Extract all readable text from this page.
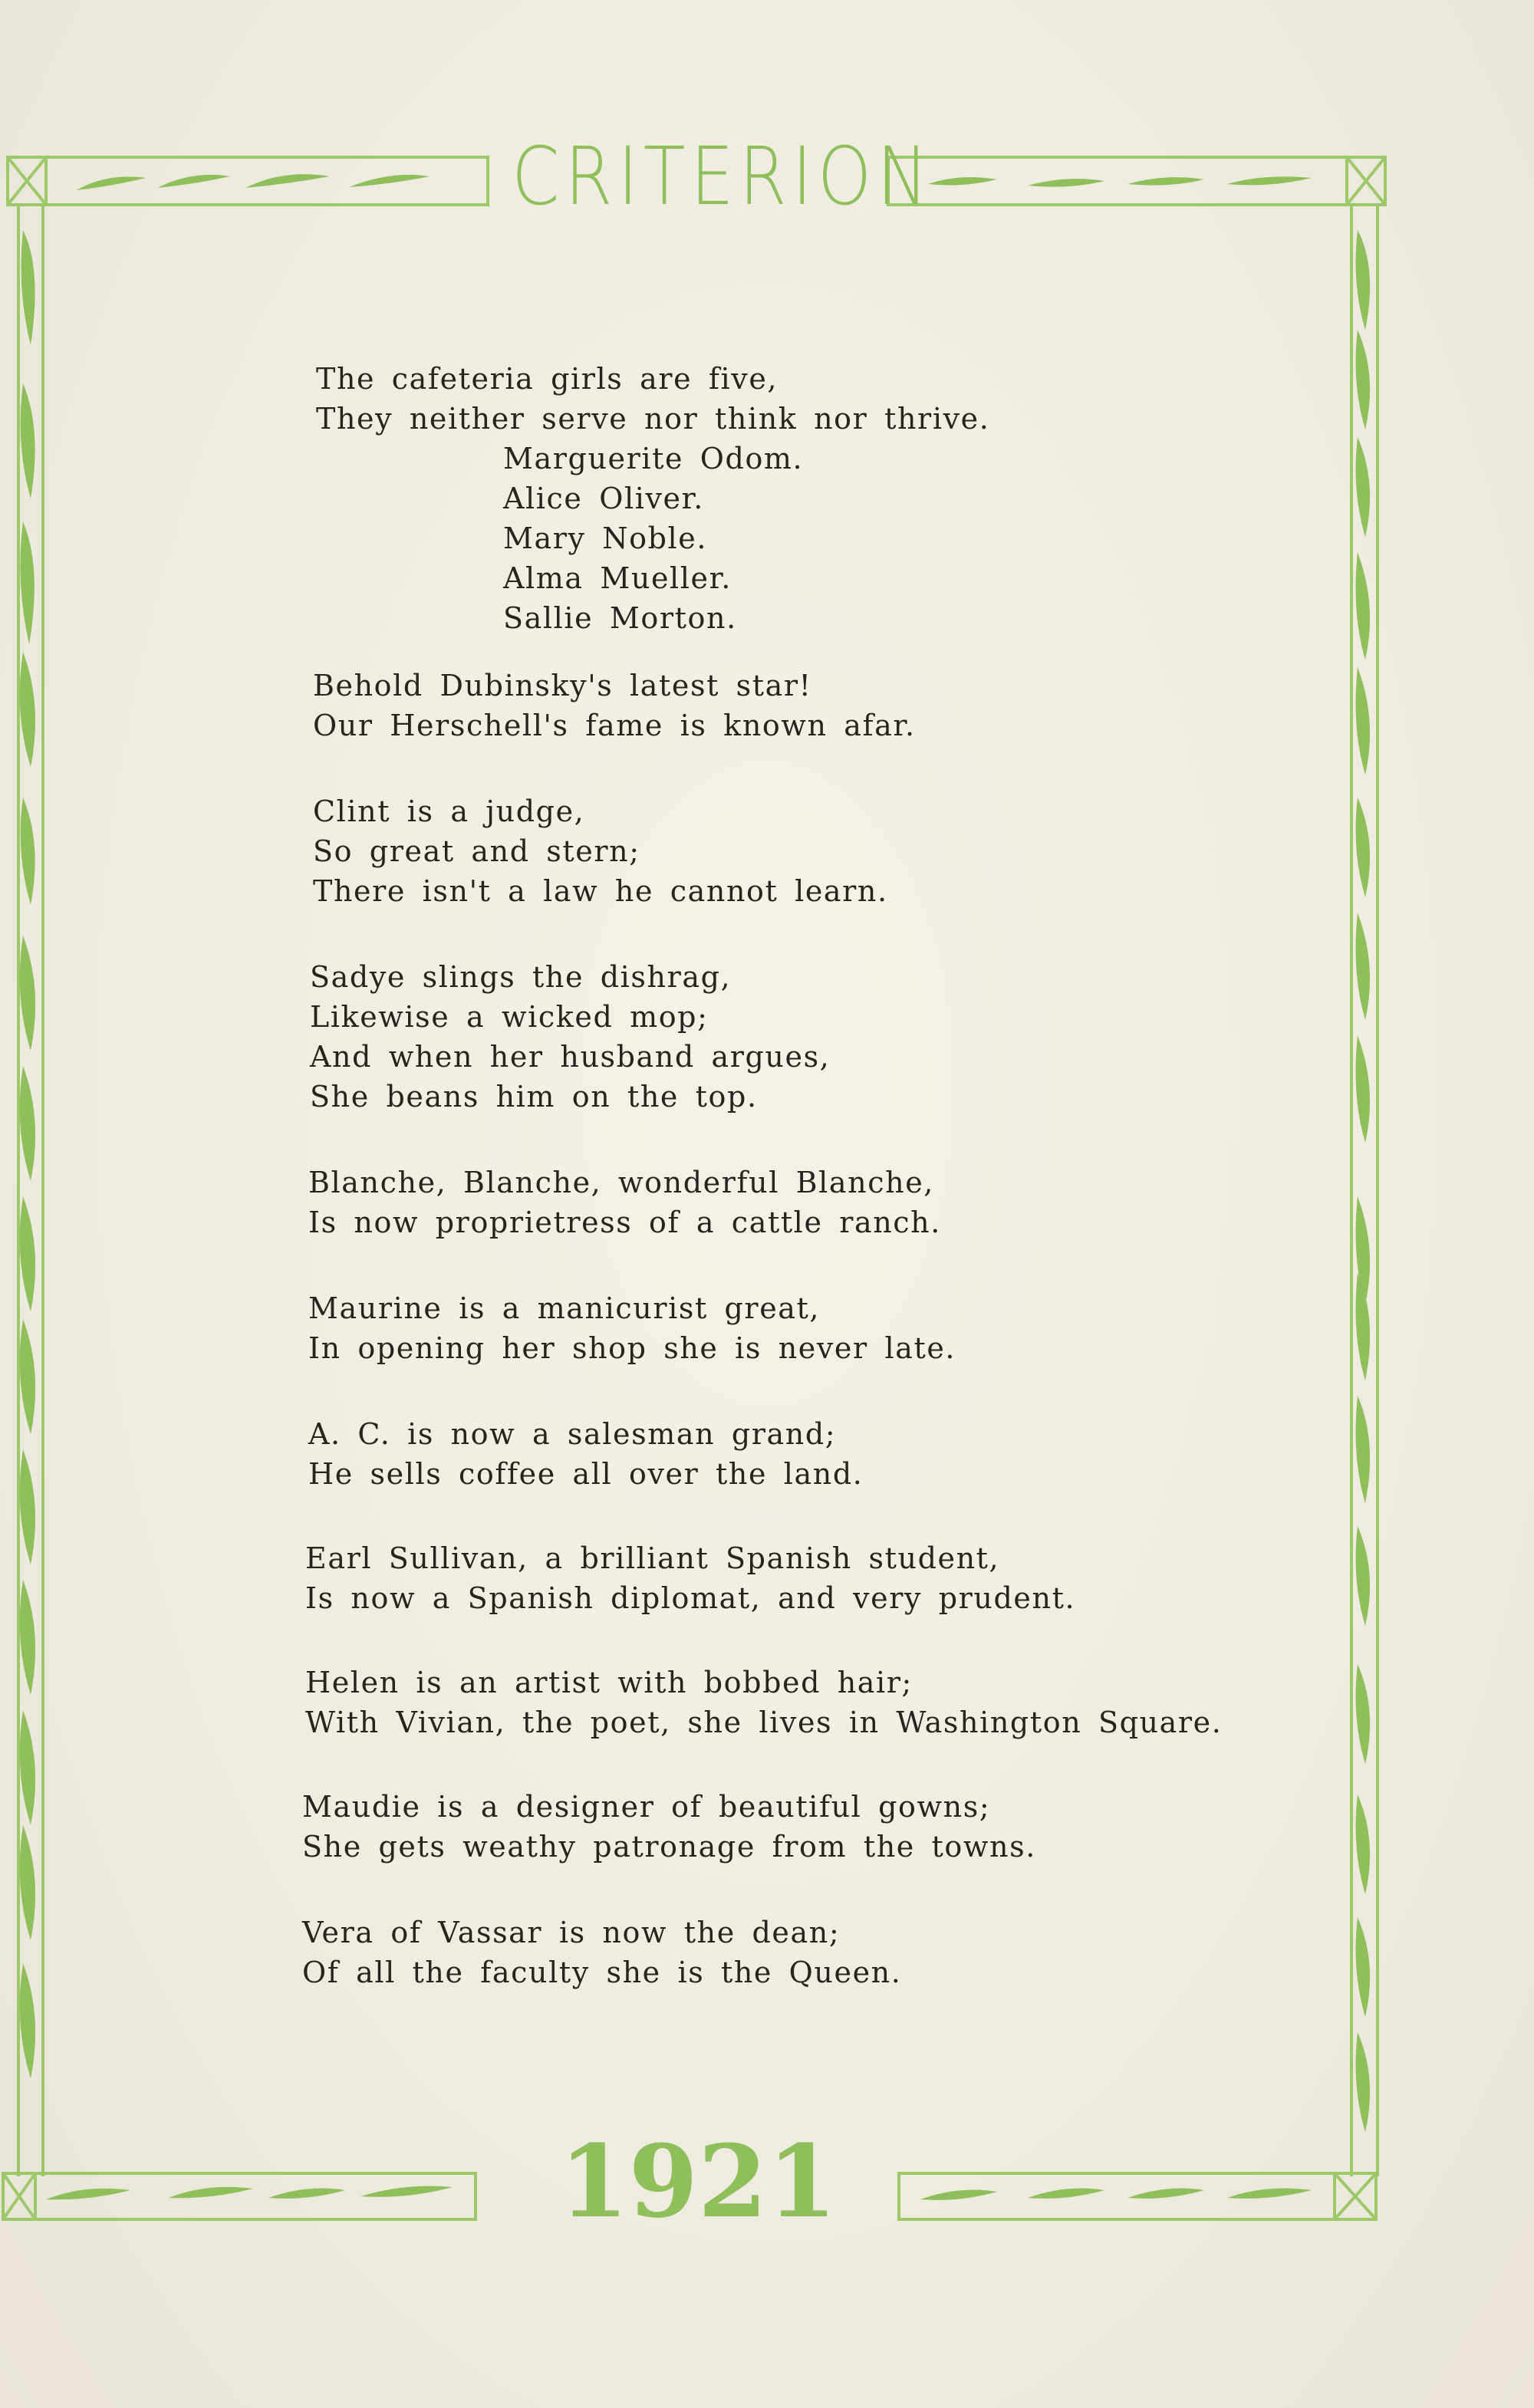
CRITERION
1921
The cafeteria girls are five,
They neither serve nor think nor thrive.
Marguerite Odom.
Alice Oliver.
Mary Noble.
Alma Mueller.
Sallie Morton.
Behold Dubinsky's latest star!
Our Herschell's fame is known afar.
Clint is a judge,
So great and stern;
There isn't a law he cannot learn.
Sadye slings the dishrag,
Likewise a wicked mop;
And when her husband argues,
She beans him on the top.
Blanche, Blanche, wonderful Blanche,
Is now proprietress of a cattle ranch.
Maurine is a manicurist great,
In opening her shop she is never late.
A. C. is now a salesman grand;
He sells coffee all over the land.
Earl Sullivan, a brilliant Spanish student,
Is now a Spanish diplomat, and very prudent.
Helen is an artist with bobbed hair;
With Vivian, the poet, she lives in Washington Square.
Maudie is a designer of beautiful gowns;
She gets weathy patronage from the towns.
Vera of Vassar is now the dean;
Of all the faculty she is the Queen.
